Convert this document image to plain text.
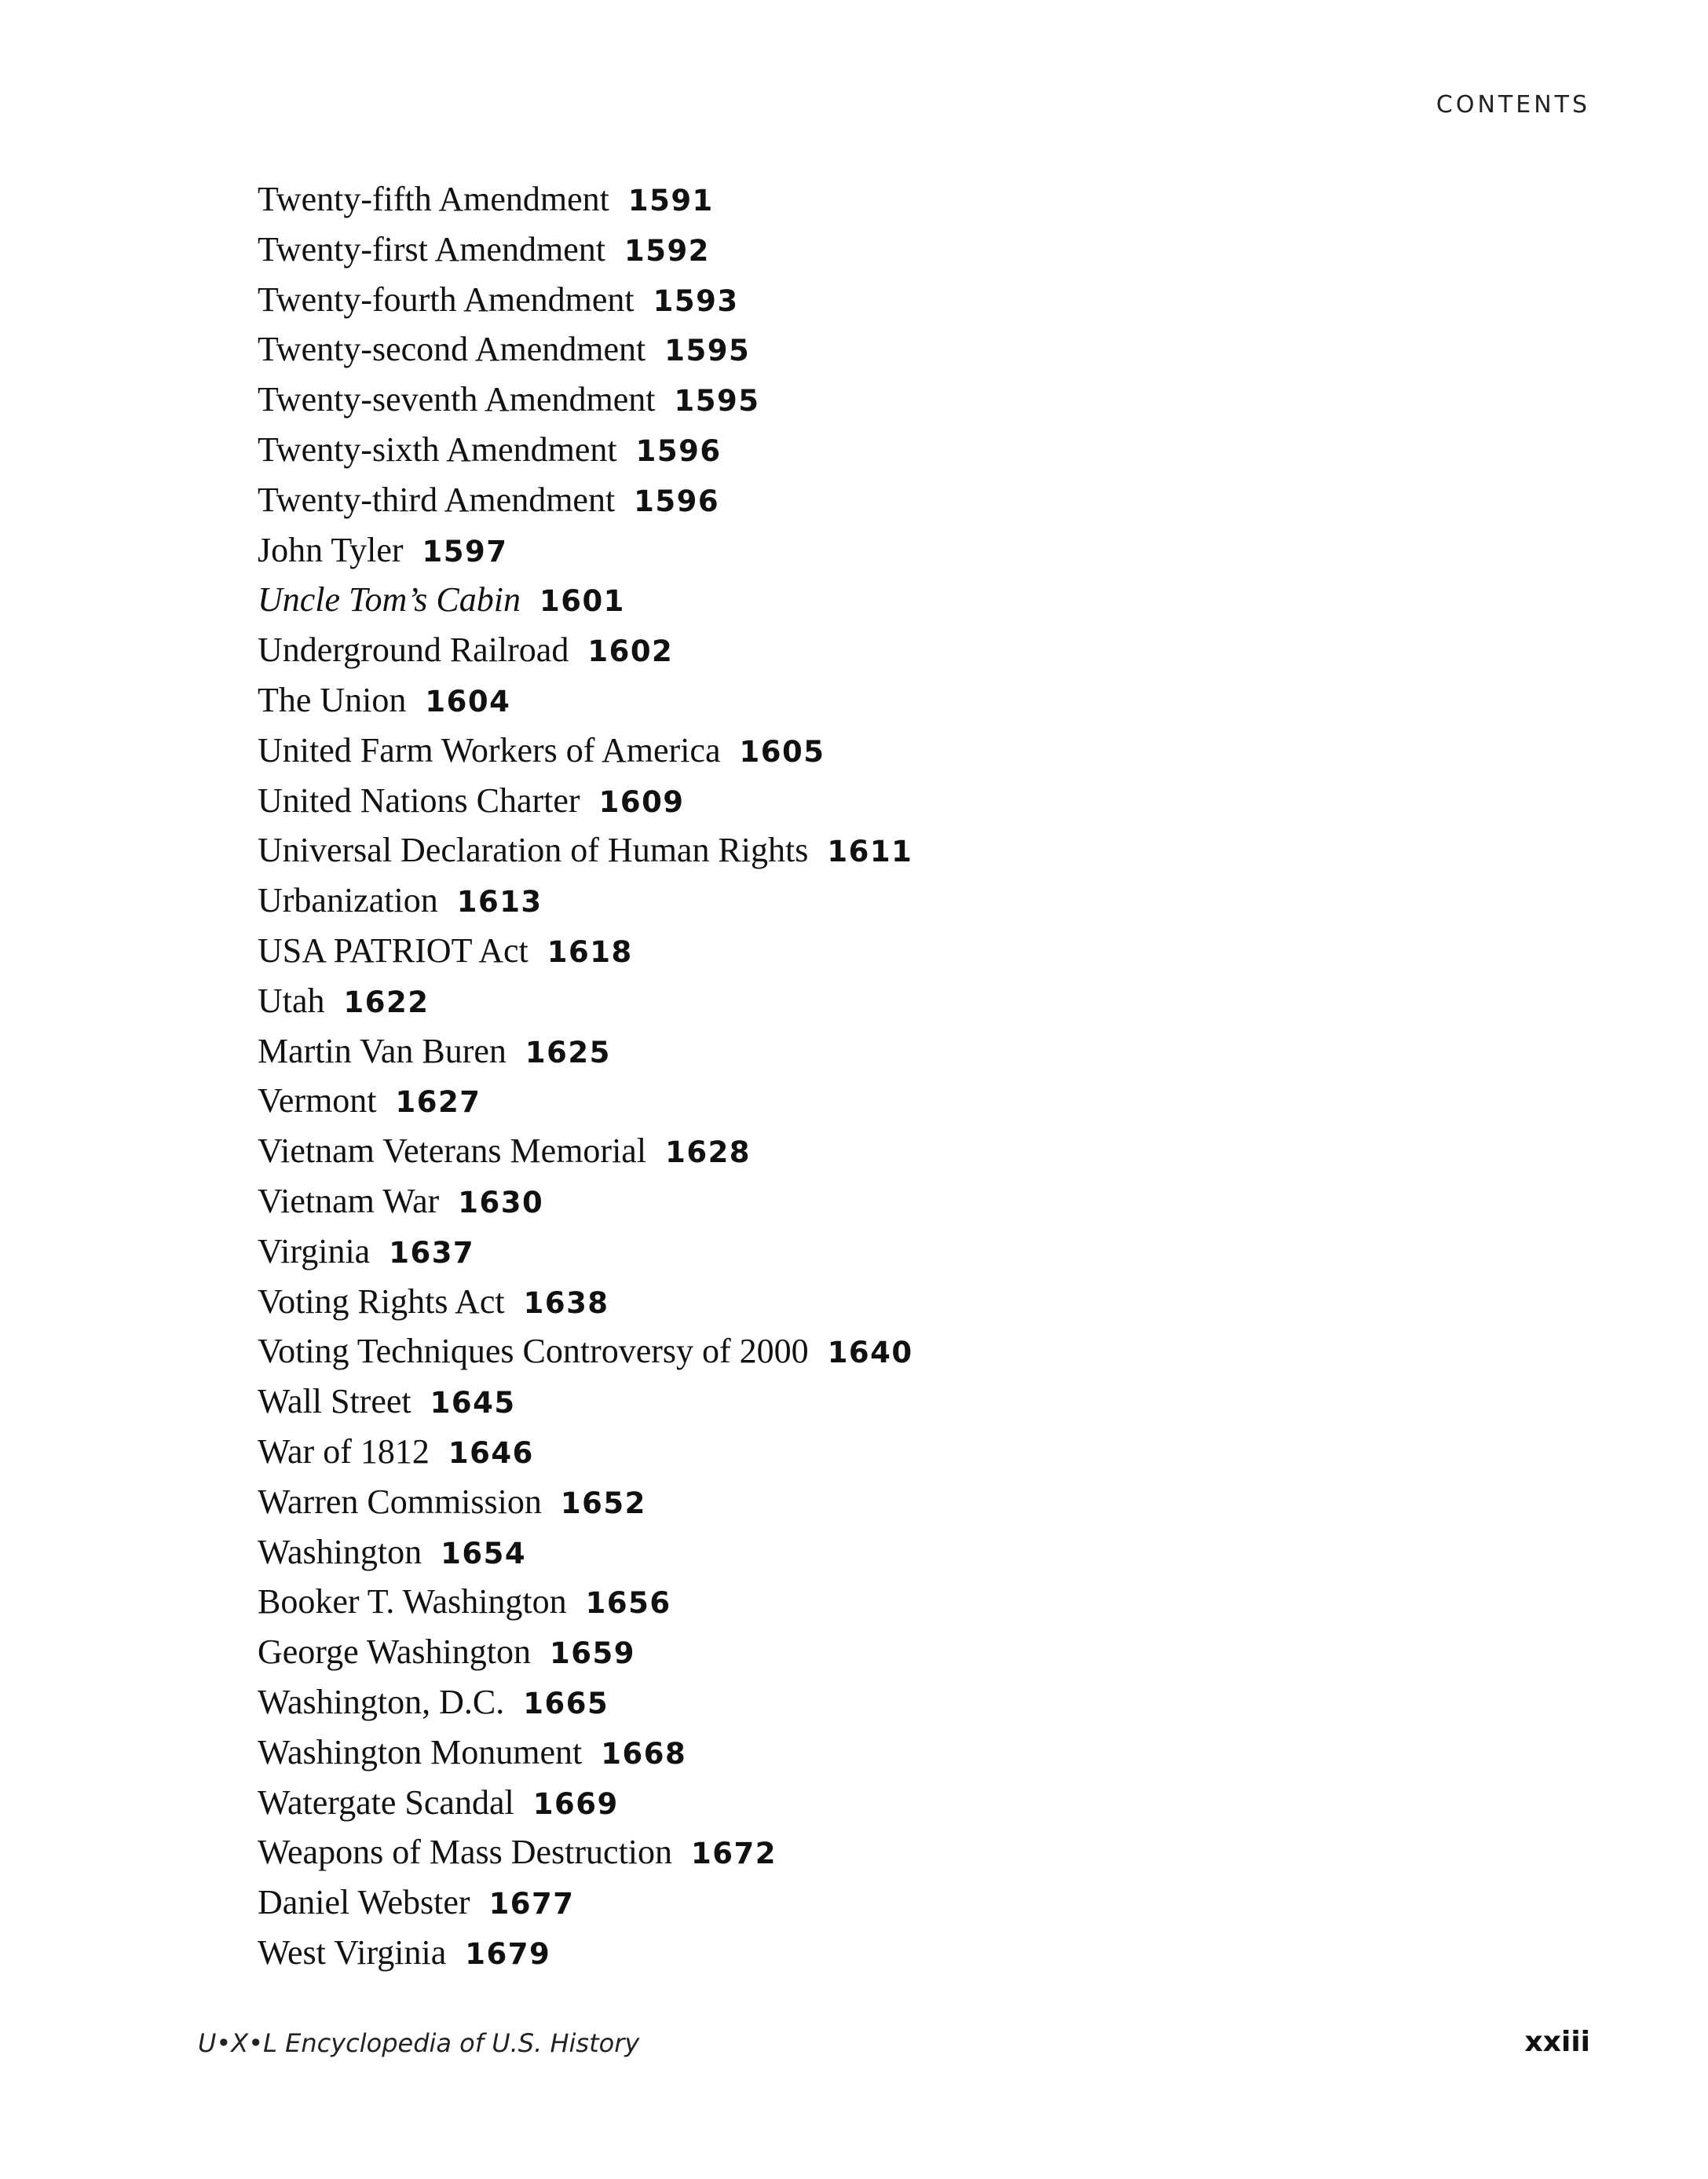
CONTENTS
Twenty-fifth Amendment 1591
Twenty-first Amendment 1592
Twenty-fourth Amendment 1593
Twenty-second Amendment 1595
Twenty-seventh Amendment 1595
Twenty-sixth Amendment 1596
Twenty-third Amendment 1596
John Tyler 1597
Uncle Tom’s Cabin 1601
Underground Railroad 1602
The Union 1604
United Farm Workers of America 1605
United Nations Charter 1609
Universal Declaration of Human Rights 1611
Urbanization 1613
USA PATRIOT Act 1618
Utah 1622
Martin Van Buren 1625
Vermont 1627
Vietnam Veterans Memorial 1628
Vietnam War 1630
Virginia 1637
Voting Rights Act 1638
Voting Techniques Controversy of 2000 1640
Wall Street 1645
War of 1812 1646
Warren Commission 1652
Washington 1654
Booker T. Washington 1656
George Washington 1659
Washington, D.C. 1665
Washington Monument 1668
Watergate Scandal 1669
Weapons of Mass Destruction 1672
Daniel Webster 1677
West Virginia 1679
U•X•L Encyclopedia of U.S. History	xxiii
